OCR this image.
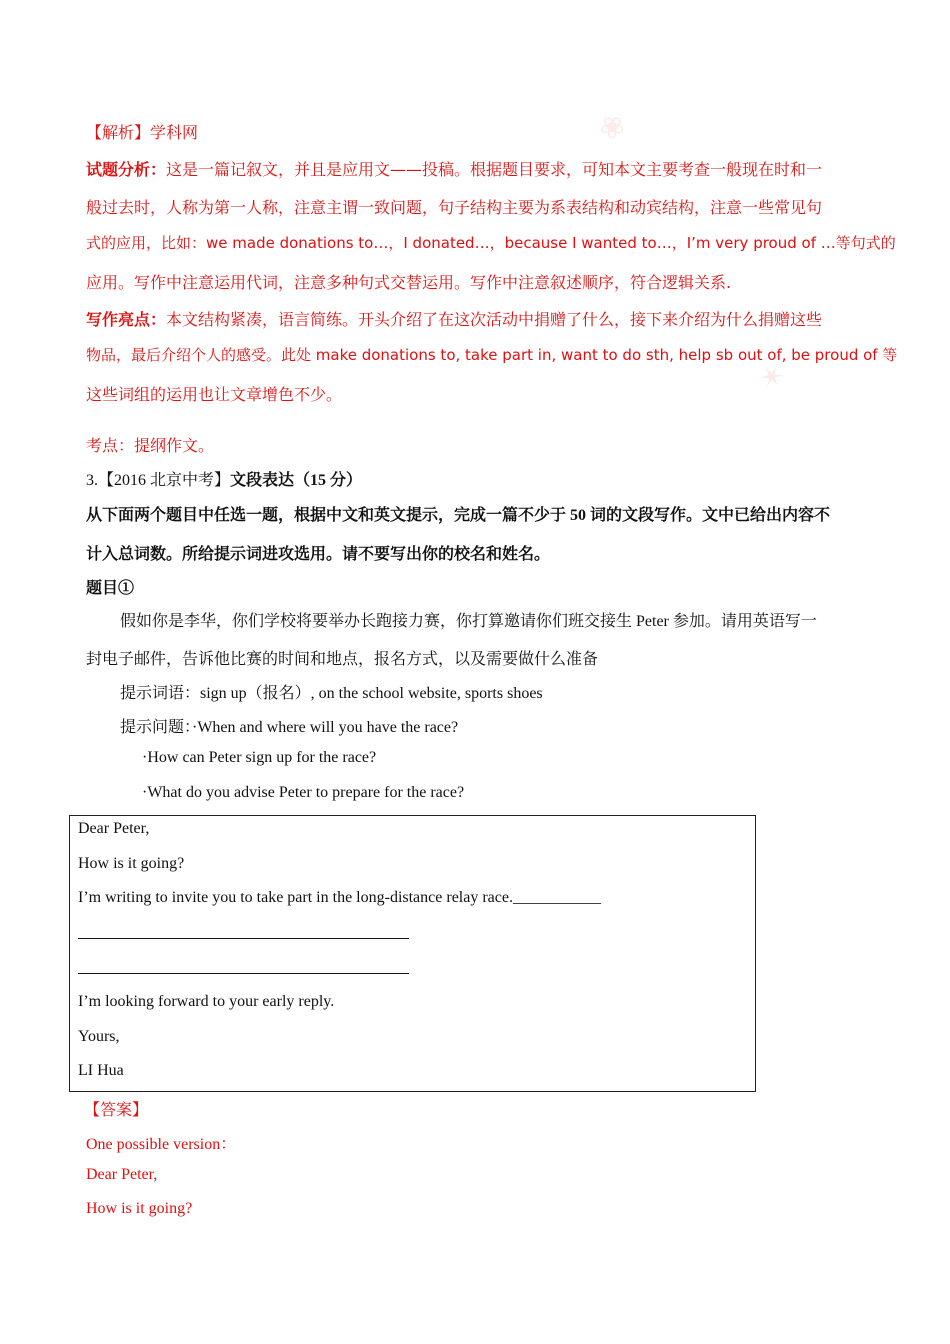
❀
✶
【解析】学科网
试题分析：这是一篇记叙文，并且是应用文——投稿。根据题目要求，可知本文主要考查一般现在时和一
般过去时，人称为第一人称，注意主谓一致问题，句子结构主要为系表结构和动宾结构，注意一些常见句
式的应用，比如：we made donations to…，I donated…，because I wanted to…，I’m very proud of …等句式的
应用。写作中注意运用代词，注意多种句式交替运用。写作中注意叙述顺序，符合逻辑关系.
写作亮点：本文结构紧凑，语言简练。开头介绍了在这次活动中捐赠了什么，接下来介绍为什么捐赠这些
物品，最后介绍个人的感受。此处 make donations to, take part in, want to do sth, help sb out of, be proud of 等
这些词组的运用也让文章增色不少。
考点：提纲作文。
3.【2016 北京中考】文段表达（15 分）
从下面两个题目中任选一题，根据中文和英文提示，完成一篇不少于 50 词的文段写作。文中已给出内容不
计入总词数。所给提示词进攻选用。请不要写出你的校名和姓名。
题目①
假如你是李华，你们学校将要举办长跑接力赛，你打算邀请你们班交接生 Peter 参加。请用英语写一
封电子邮件，告诉他比赛的时间和地点，报名方式，以及需要做什么准备
提示词语：sign up（报名）, on the school website, sports shoes
提示问题：·When and where will you have the race?
·How can Peter sign up for the race?
·What do you advise Peter to prepare for the race?
Dear Peter,
How is it going?
I’m writing to invite you to take part in the long-distance relay race.___________
I’m looking forward to your early reply.
Yours,
LI Hua
【答案】
One possible version：
Dear Peter,
How is it going?
